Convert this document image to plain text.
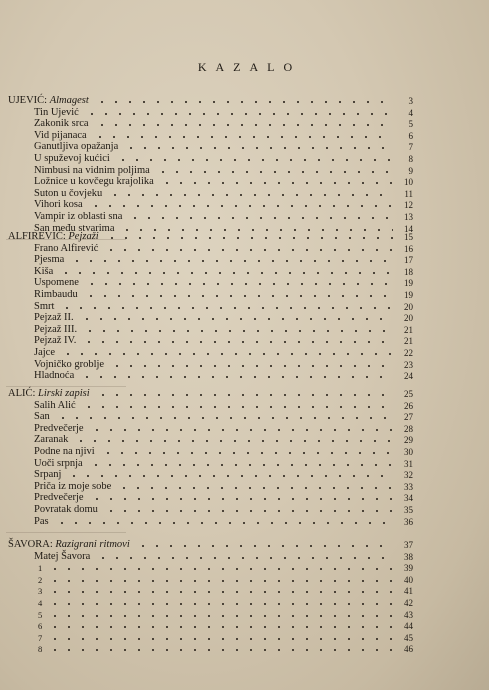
KAZALO
UJEVIĆ: Almagest	3
Tin Ujević	4
Zakonik srca	5
Vid pijanaca	6
Ganutljiva opažanja	7
U spuževoj kućici	8
Nimbusi na vidnim poljima	9
Ložnice u kovčegu krajolika	10
Suton u čovjeku	11
Vihori kosa	12
Vampir iz oblasti sna	13
San među stvarima	14
ALFIREVIĆ: Pejzaži	15
Frano Alfirević	16
Pjesma	17
Kiša	18
Uspomene	19
Rimbaudu	19
Smrt	20
Pejzaž II.	20
Pejzaž III.	21
Pejzaž IV.	21
Jajce	22
Vojničko groblje	23
Hladnoća	24
ALIĆ: Lirski zapisi	25
Salih Alić	26
San	27
Predvečerje	28
Zaranak	29
Podne na njivi	30
Uoči srpnja	31
Srpanj	32
Priča iz moje sobe	33
Predvečerje	34
Povratak domu	35
Pas	36
ŠAVORA: Razigrani ritmovi	37
Matej Šavora	38
1	39
2	40
3	41
4	42
5	43
6	44
7	45
8	46
